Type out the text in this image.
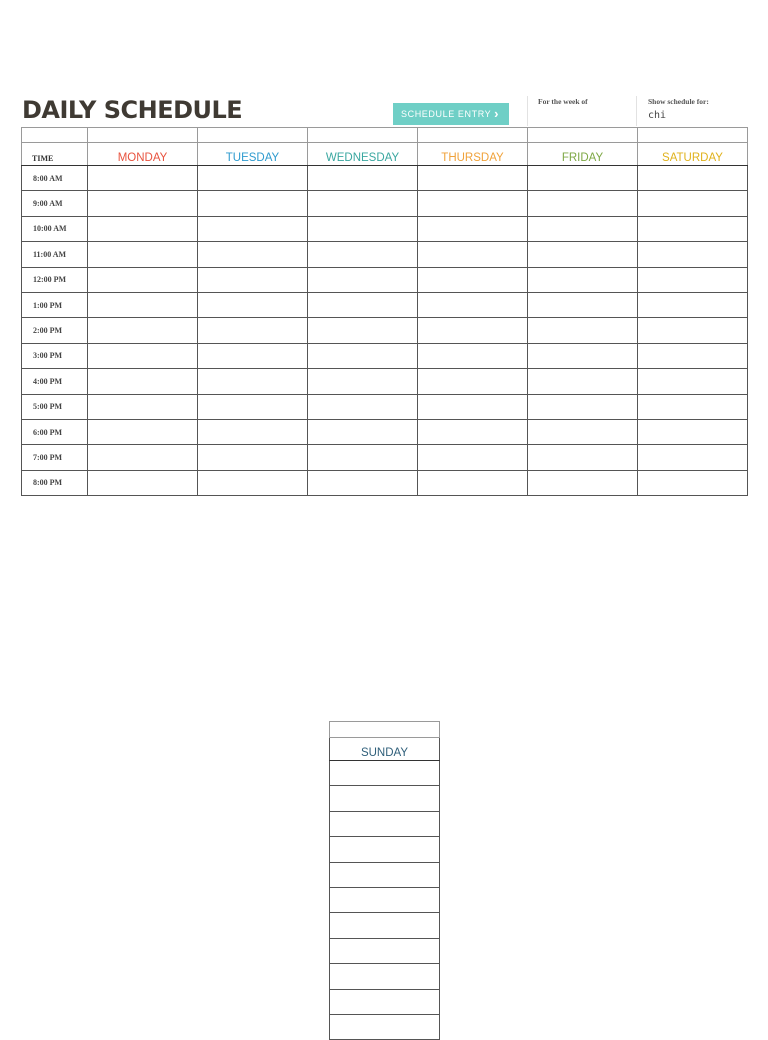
DAILY SCHEDULE	SCHEDULE ENTRY ›
For the week of	Show schedule for:
chi

TIME	MONDAY	TUESDAY	WEDNESDAY	THURSDAY	FRIDAY	SATURDAY
8:00 AM						
9:00 AM						
10:00 AM						
11:00 AM						
12:00 PM						
1:00 PM						
2:00 PM						
3:00 PM						
4:00 PM						
5:00 PM						
6:00 PM						
7:00 PM						
8:00 PM						

SUNDAY
